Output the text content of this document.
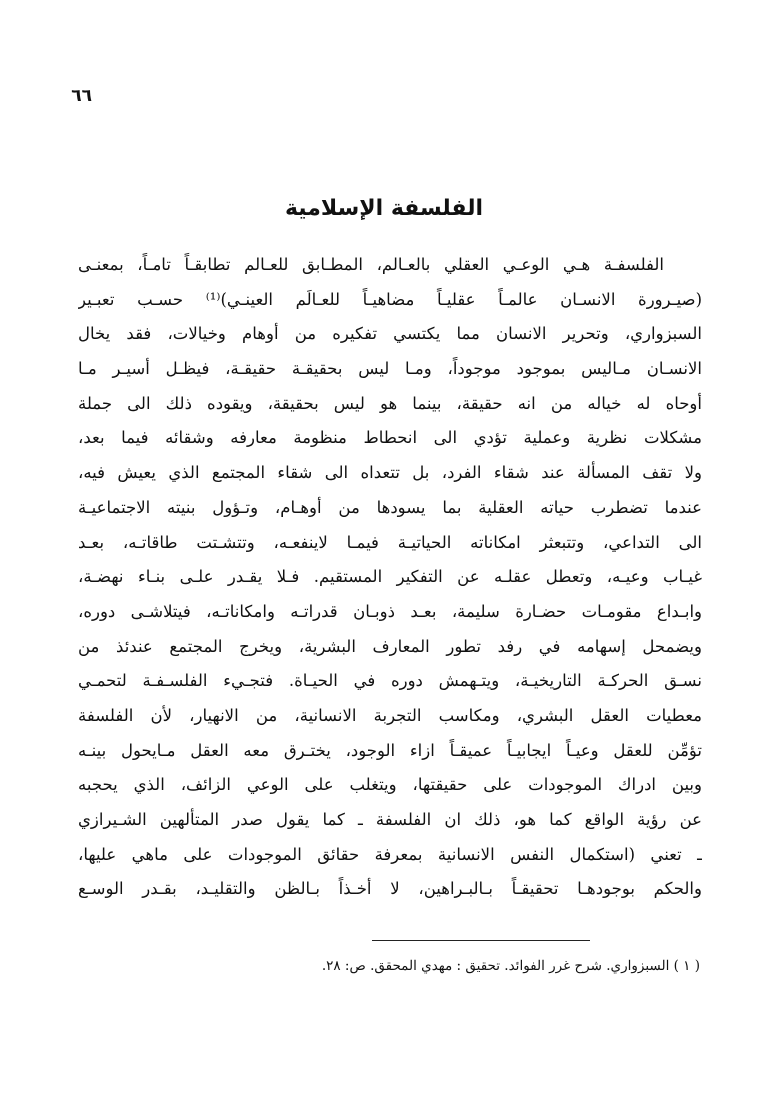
٦٦
الفلسفة الإسلامية
الفلسفـة هـي الوعـي العقلي بالعـالم، المطـابق للعـالم تطابقـاً تامـاً، بمعنـى
(صيـرورة الانسـان عالمـاً عقليـاً مضاهيـاً للعـالَم العينـي)⁽¹⁾ حسـب تعبـير
السبزواري، وتحرير الانسان مما يكتسي تفكيره من أوهام وخيالات، فقد يخال
الانسـان مـاليس بموجود موجوداً، ومـا ليس بحقيقـة حقيقـة، فيظـل أسيـر مـا
أوحاه له خياله من انه حقيقة، بينما هو ليس بحقيقة، ويقوده ذلك الى جملة
مشكلات نظرية وعملية تؤدي الى انحطاط منظومة معارفه وشقائه فيما بعد،
ولا تقف المسألة عند شقاء الفرد، بل تتعداه الى شقاء المجتمع الذي يعيش فيه،
عندما تضطرب حياته العقلية بما يسودها من أوهـام، وتـؤول بنيته الاجتماعيـة
الى التداعي، وتتبعثر امكاناته الحياتيـة فيمـا لاينفعـه، وتتشـتت طاقاتـه، بعـد
غيـاب وعيـه، وتعطل عقلـه عن التفكير المستقيم. فـلا يقـدر علـى بنـاء نهضـة،
وابـداع مقومـات حضـارة سليمة، بعـد ذوبـان قدراتـه وامكاناتـه، فيتلاشـى دوره،
ويضمحل إسهامه في رفد تطور المعارف البشرية، ويخرج المجتمع عندئذ من
نسـق الحركـة التاريخيـة، ويتـهمش دوره في الحيـاة. فتجـيء الفلسـفـة لتحمـي
معطيات العقل البشري، ومكاسب التجربة الانسانية، من الانهيار، لأن الفلسفة
تؤمِّن للعقل وعيـاً ايجابيـاً عميقـاً ازاء الوجود، يختـرق معه العقل مـايحول بينـه
وبين ادراك الموجودات على حقيقتها، ويتغلب على الوعي الزائف، الذي يحجبه
عن رؤية الواقع كما هو، ذلك ان الفلسفة ـ كما يقول صدر المتألهين الشـيرازي
ـ تعني (استكمال النفس الانسانية بمعرفة حقائق الموجودات على ماهي عليها،
والحكم بوجودهـا تحقيقـاً بـالبـراهين، لا أخـذاً بـالظن والتقليـد، بقـدر الوسـع
( ١ ) السبزواري. شرح غرر الفوائد. تحقيق : مهدي المحقق. ص: ٢٨.
